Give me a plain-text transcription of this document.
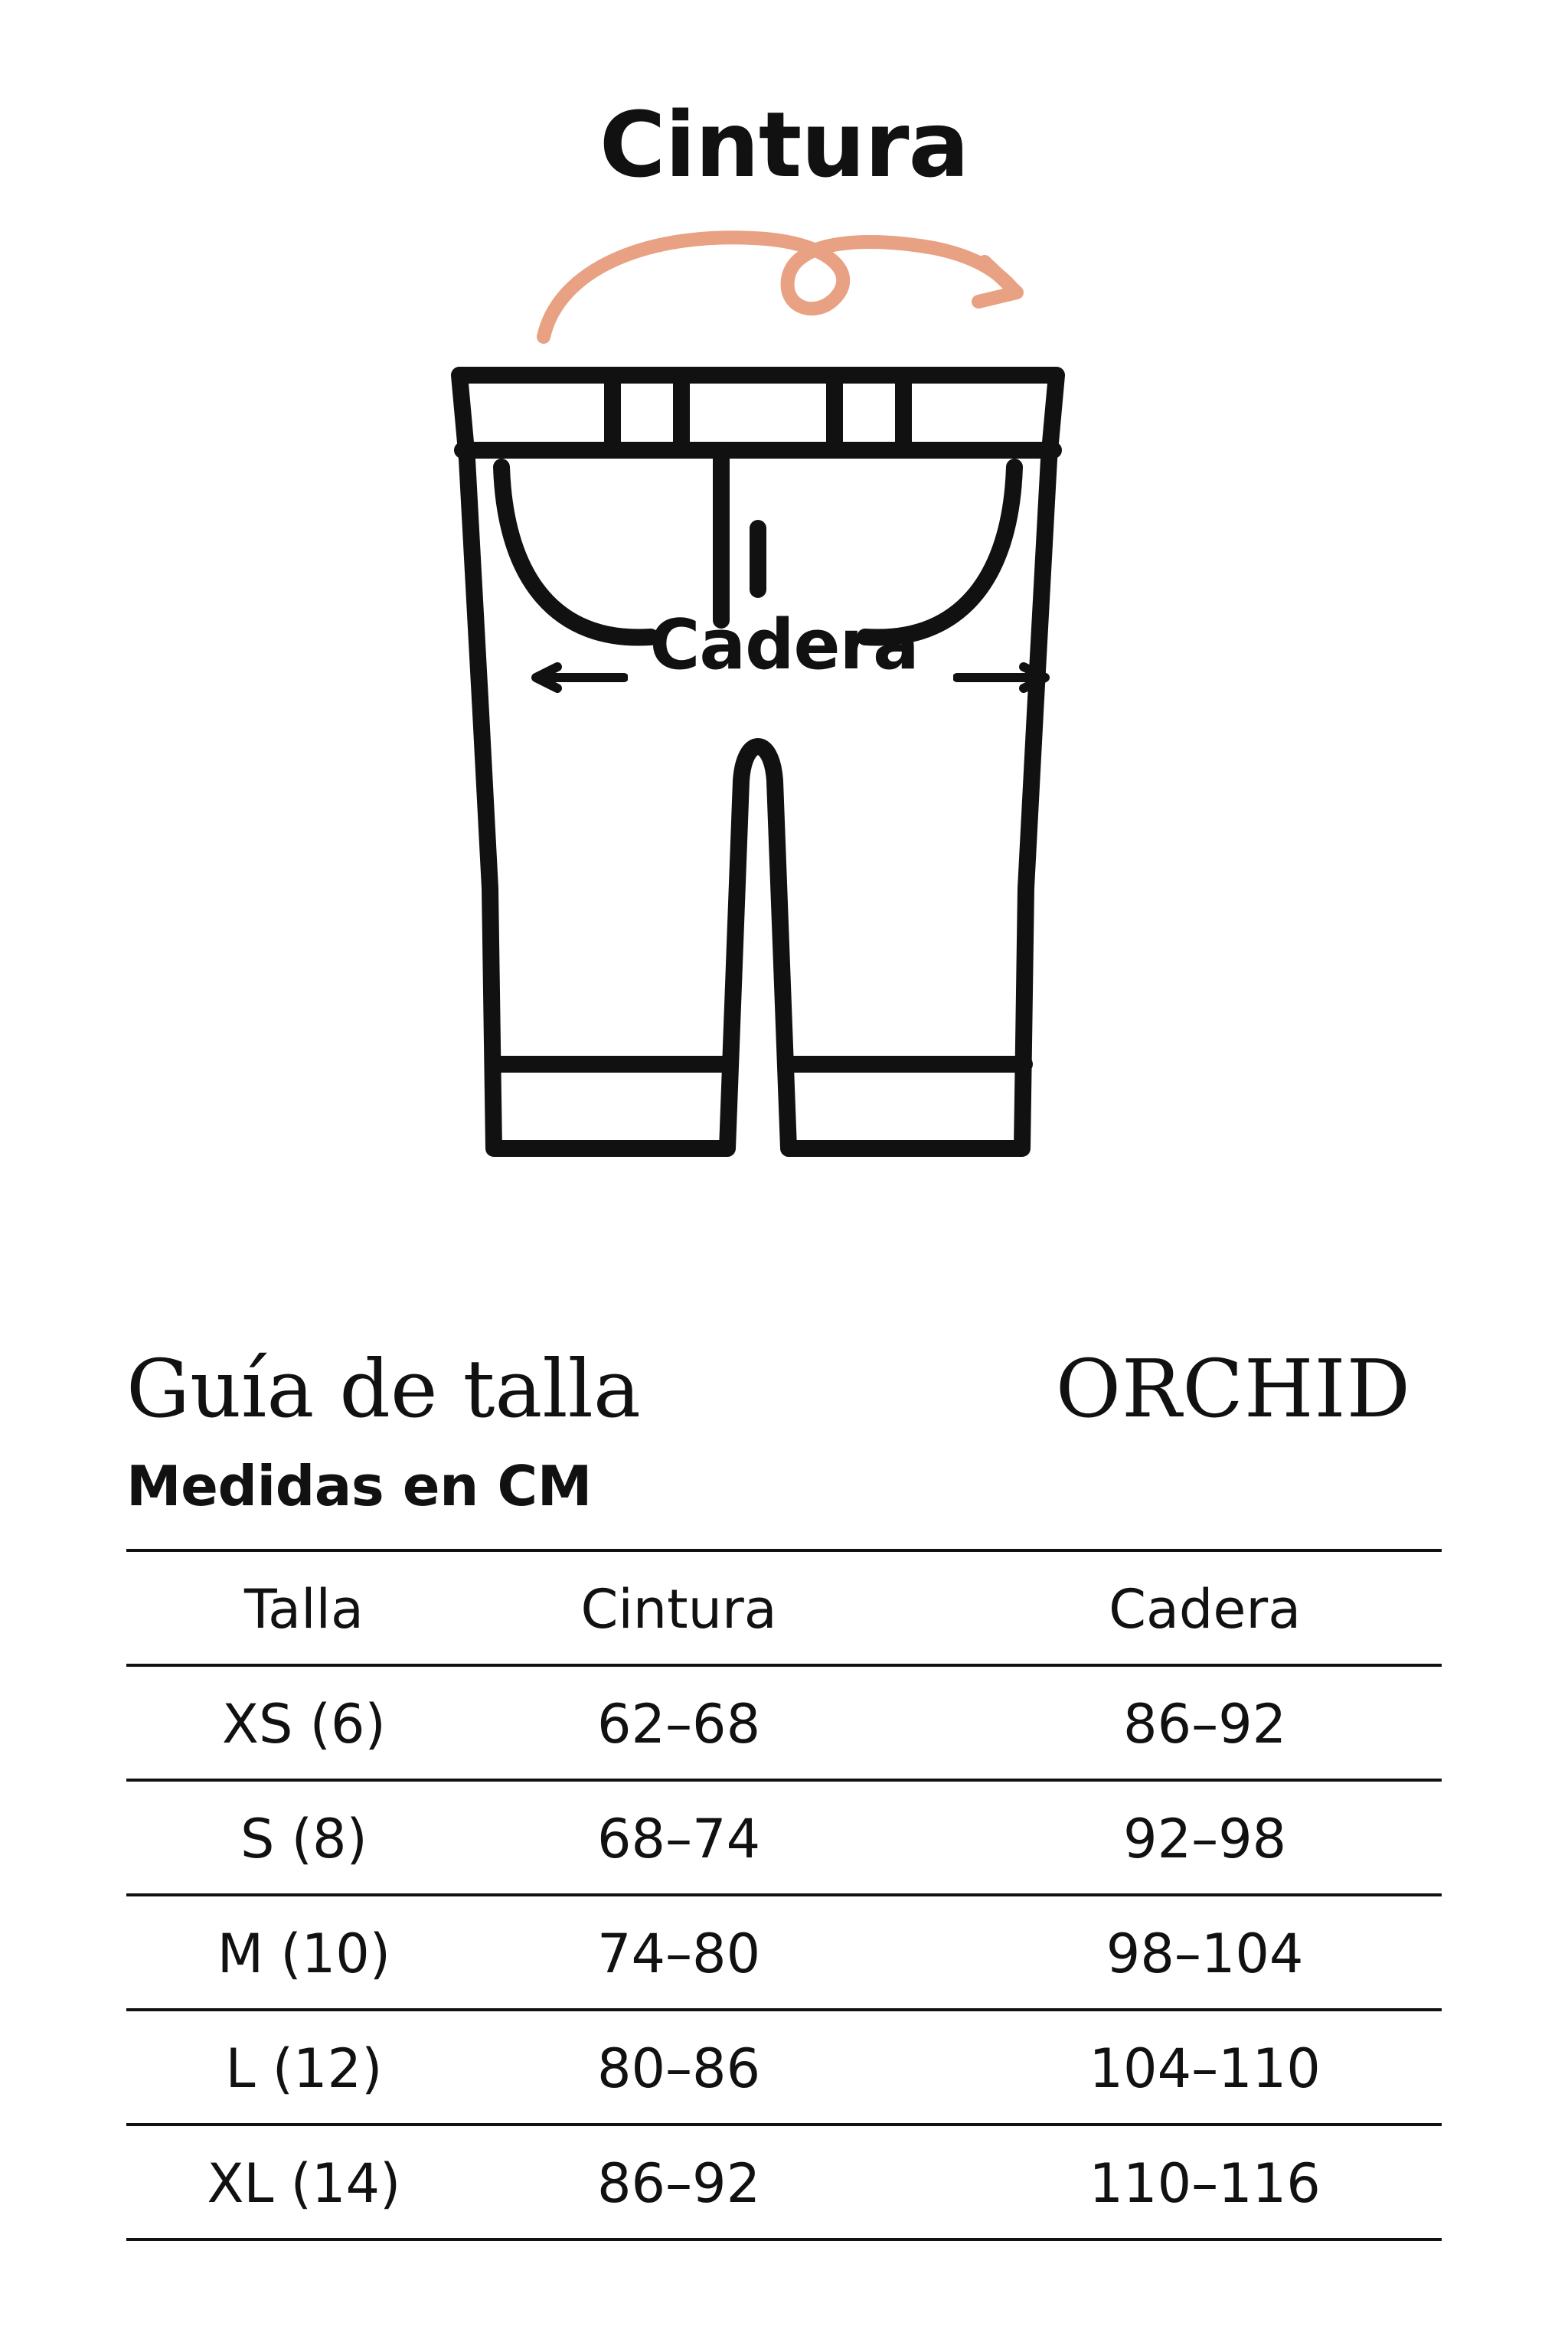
Cintura
Cadera
Guía de talla	ORCHID
Medidas en CM
Talla	Cintura	Cadera
XS (6)	62–68	86–92
S (8)	68–74	92–98
M (10)	74–80	98–104
L (12)	80–86	104–110
XL (14)	86–92	110–116
